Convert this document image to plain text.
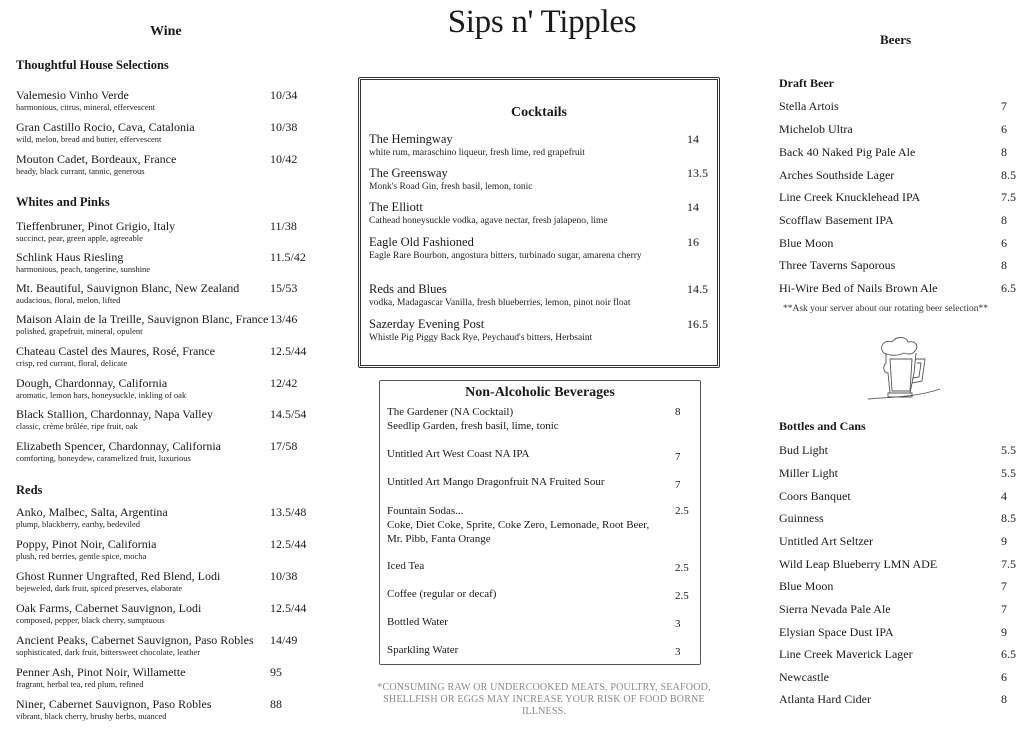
Sips n' Tipples
Wine
Thoughtful House Selections
Valemesio Vinho Verde
harmonious, citrus, mineral, effervescent
10/34
Gran Castillo Rocio, Cava, Catalonia
wild, melon, bread and butter, effervescent
10/38
Mouton Cadet, Bordeaux, France
heady, black currant, tannic, generous
10/42
Whites and Pinks
Tieffenbruner, Pinot Grigio, Italy
succinct, pear, green apple, agreeable
11/38
Schlink Haus Riesling
harmonious, peach, tangerine, sunshine
11.5/42
Mt. Beautiful, Sauvignon Blanc, New Zealand
audacious, floral, melon, lifted
15/53
Maison Alain de la Treille, Sauvignon Blanc, France
polished, grapefruit, mineral, opulent
13/46
Chateau Castel des Maures, Rosé, France
crisp, red currant, floral, delicate
12.5/44
Dough, Chardonnay, California
aromatic, lemon bars, honeysuckle, inkling of oak
12/42
Black Stallion, Chardonnay, Napa Valley
classic, crème brûlée, ripe fruit, oak
14.5/54
Elizabeth Spencer, Chardonnay, California
comforting, honeydew, caramelized fruit, luxurious
17/58
Reds
Anko, Malbec, Salta, Argentina
plump, blackberry, earthy, bedeviled
13.5/48
Poppy, Pinot Noir, California
plush, red berries, gentle spice, mocha
12.5/44
Ghost Runner Ungrafted, Red Blend, Lodi
bejeweled, dark fruit, spiced preserves, elaborate
10/38
Oak Farms, Cabernet Sauvignon, Lodi
composed, pepper, black cherry, sumptuous
12.5/44
Ancient Peaks, Cabernet Sauvignon, Paso Robles
sophisticated, dark fruit, bittersweet chocolate, leather
14/49
Penner Ash, Pinot Noir, Willamette
fragrant, herbal tea, red plum, refined
95
Niner, Cabernet Sauvignon, Paso Robles
vibrant, black cherry, brushy herbs, nuanced
88
Cocktails
The Hemingway
white rum, maraschino liqueur, fresh lime, red grapefruit
14
The Greensway
Monk's Road Gin, fresh basil, lemon, tonic
13.5
The Elliott
Cathead honeysuckle vodka, agave nectar, fresh jalapeno, lime
14
Eagle Old Fashioned
Eagle Rare Bourbon, angostura bitters, turbinado sugar, amarena cherry
16
Reds and Blues
vodka, Madagascar Vanilla, fresh blueberries, lemon, pinot noir float
14.5
Sazerday Evening Post
Whistle Pig Piggy Back Rye, Peychaud's bitters, Herbsaint
16.5
Non-Alcoholic Beverages
The Gardener (NA Cocktail)
Seedlip Garden, fresh basil, lime, tonic
8
Untitled Art West Coast NA IPA	7
Untitled Art Mango Dragonfruit NA Fruited Sour	7
Fountain Sodas...
Coke, Diet Coke, Sprite, Coke Zero, Lemonade, Root Beer, Mr. Pibb, Fanta Orange
2.5
Iced Tea	2.5
Coffee (regular or decaf)	2.5
Bottled Water	3
Sparkling Water	3
*CONSUMING RAW OR UNDERCOOKED MEATS, POULTRY, SEAFOOD, SHELLFISH OR EGGS MAY INCREASE YOUR RISK OF FOOD BORNE ILLNESS.
Beers
Draft Beer
Stella Artois	7
Michelob Ultra	6
Back 40 Naked Pig Pale Ale	8
Arches Southside Lager	8.5
Line Creek Knucklehead IPA	7.5
Scofflaw Basement IPA	8
Blue Moon	6
Three Taverns Saporous	8
Hi-Wire Bed of Nails Brown Ale	6.5
**Ask your server about our rotating beer selection**
Bottles and Cans
Bud Light	5.5
Miller Light	5.5
Coors Banquet	4
Guinness	8.5
Untitled Art Seltzer	9
Wild Leap Blueberry LMN ADE	7.5
Blue Moon	7
Sierra Nevada Pale Ale	7
Elysian Space Dust IPA	9
Line Creek Maverick Lager	6.5
Newcastle	6
Atlanta Hard Cider	8
